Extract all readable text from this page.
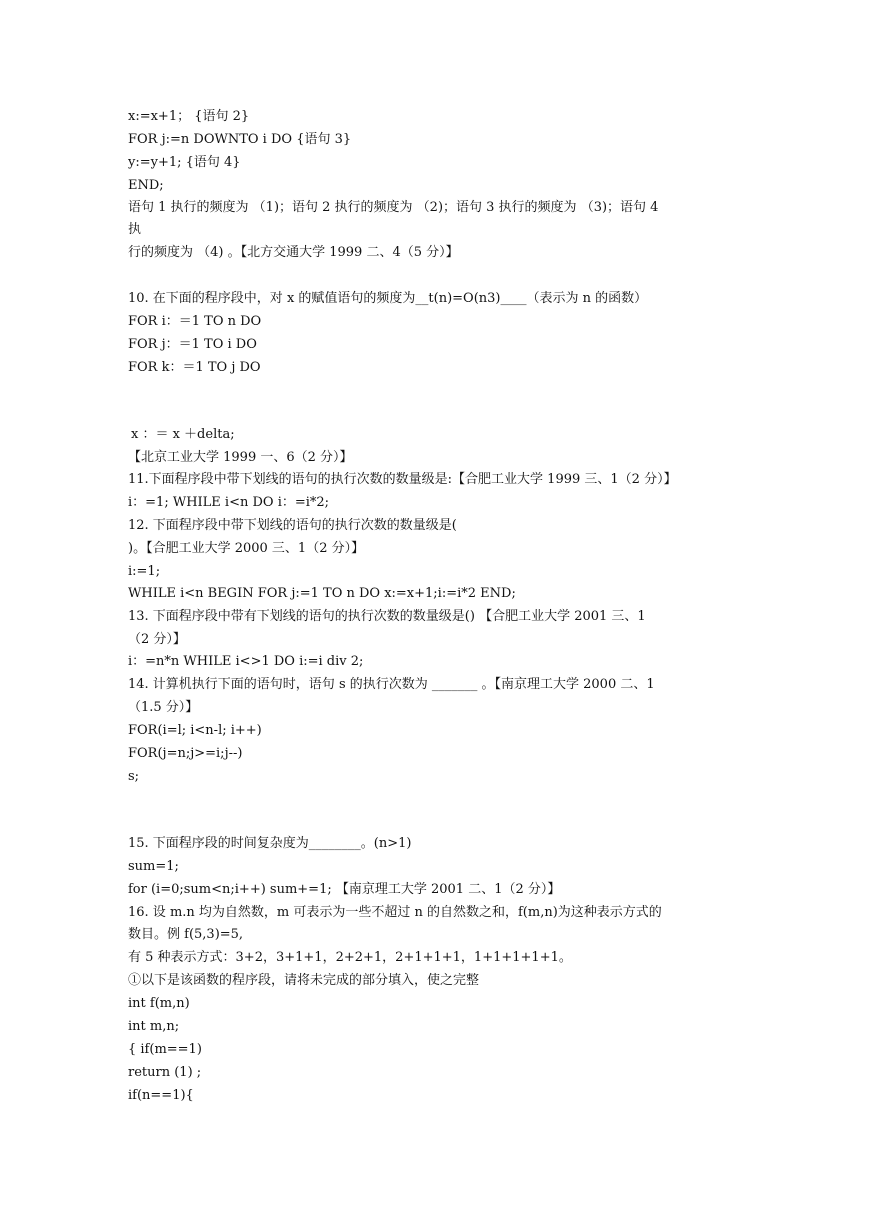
x:=x+1； {语句 2}
FOR j:=n DOWNTO i DO {语句 3}
y:=y+1; {语句 4}
END;
语句 1 执行的频度为 （1)；语句 2 执行的频度为 （2)；语句 3 执行的频度为 （3)；语句 4
执
行的频度为 （4) 。【北方交通大学 1999 二、4（5 分）】
10. 在下面的程序段中，对 x 的赋值语句的频度为__t(n)=O(n3)____（表示为 n 的函数）
FOR i：＝1 TO n DO
FOR j：＝1 TO i DO
FOR k：＝1 TO j DO
x ：＝ x ＋delta;
【北京工业大学 1999 一、6（2 分）】
11.下面程序段中带下划线的语句的执行次数的数量级是:【合肥工业大学 1999 三、1（2 分）】
i：=1; WHILE i<n DO i：=i*2;
12. 下面程序段中带下划线的语句的执行次数的数量级是(
)。【合肥工业大学 2000 三、1（2 分）】
i:=1;
WHILE i<n BEGIN FOR j:=1 TO n DO x:=x+1;i:=i*2 END;
13. 下面程序段中带有下划线的语句的执行次数的数量级是() 【合肥工业大学 2001 三、1
（2 分）】
i：=n*n WHILE i<>1 DO i:=i div 2;
14. 计算机执行下面的语句时，语句 s 的执行次数为 _______ 。【南京理工大学 2000 二、1
（1.5 分）】
FOR(i=l; i<n-l; i++)
FOR(j=n;j>=i;j--)
s;
15. 下面程序段的时间复杂度为________。(n>1)
sum=1;
for (i=0;sum<n;i++) sum+=1; 【南京理工大学 2001 二、1（2 分）】
16. 设 m.n 均为自然数，m 可表示为一些不超过 n 的自然数之和，f(m,n)为这种表示方式的
数目。例 f(5,3)=5,
有 5 种表示方式：3+2，3+1+1，2+2+1，2+1+1+1，1+1+1+1+1。
①以下是该函数的程序段，请将未完成的部分填入，使之完整
int f(m,n)
int m,n;
{ if(m==1)
return (1) ;
if(n==1){
